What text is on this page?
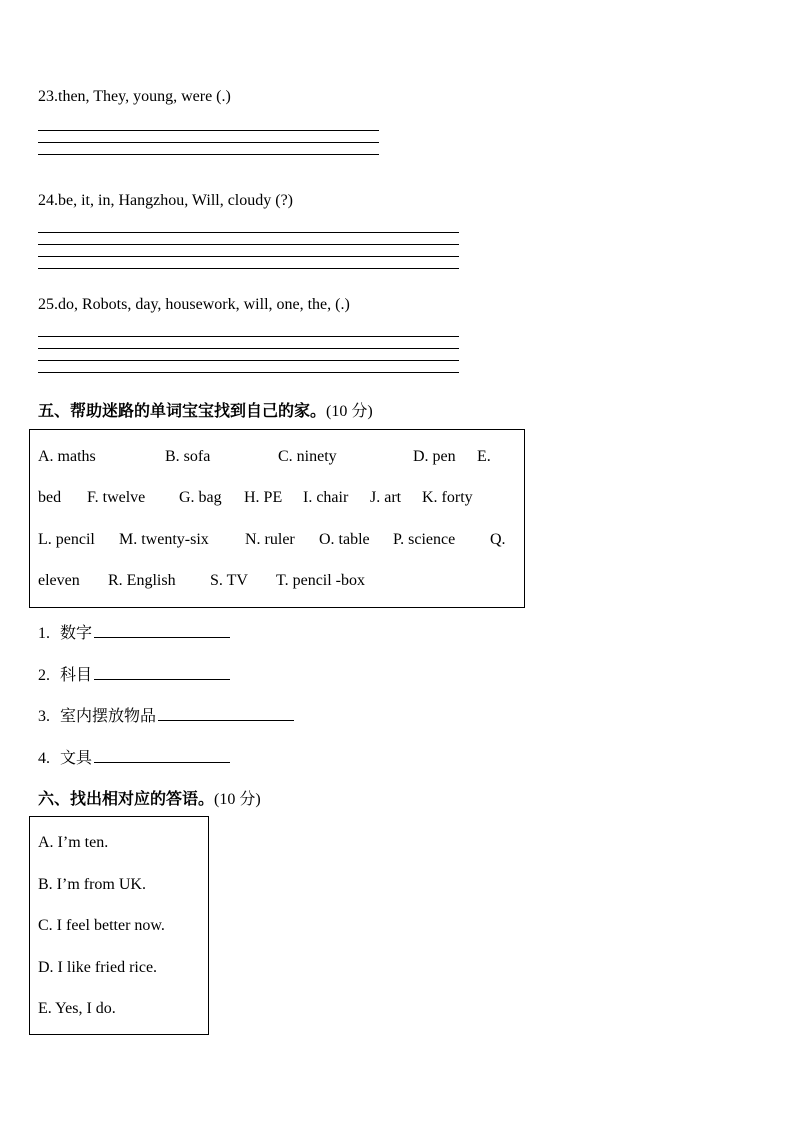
23.then, They, young, were (.)
24.be, it, in, Hangzhou, Will, cloudy (?)
25.do, Robots, day, housework, will, one, the, (.)
五、帮助迷路的单词宝宝找到自己的家。(10 分)
A. maths	B. sofa	C. ninety	D. pen E.
bed F. twelve G. bag H. PE I. chair J. art K. forty
L. pencil M. twenty-six N. ruler O. table P. science Q.
eleven R. English S. TV T. pencil -box
1. 数字
2. 科目
3. 室内摆放物品
4. 文具
六、找出相对应的答语。(10 分)
A. I’m ten.
B. I’m from UK.
C. I feel better now.
D. I like fried rice.
E. Yes, I do.
